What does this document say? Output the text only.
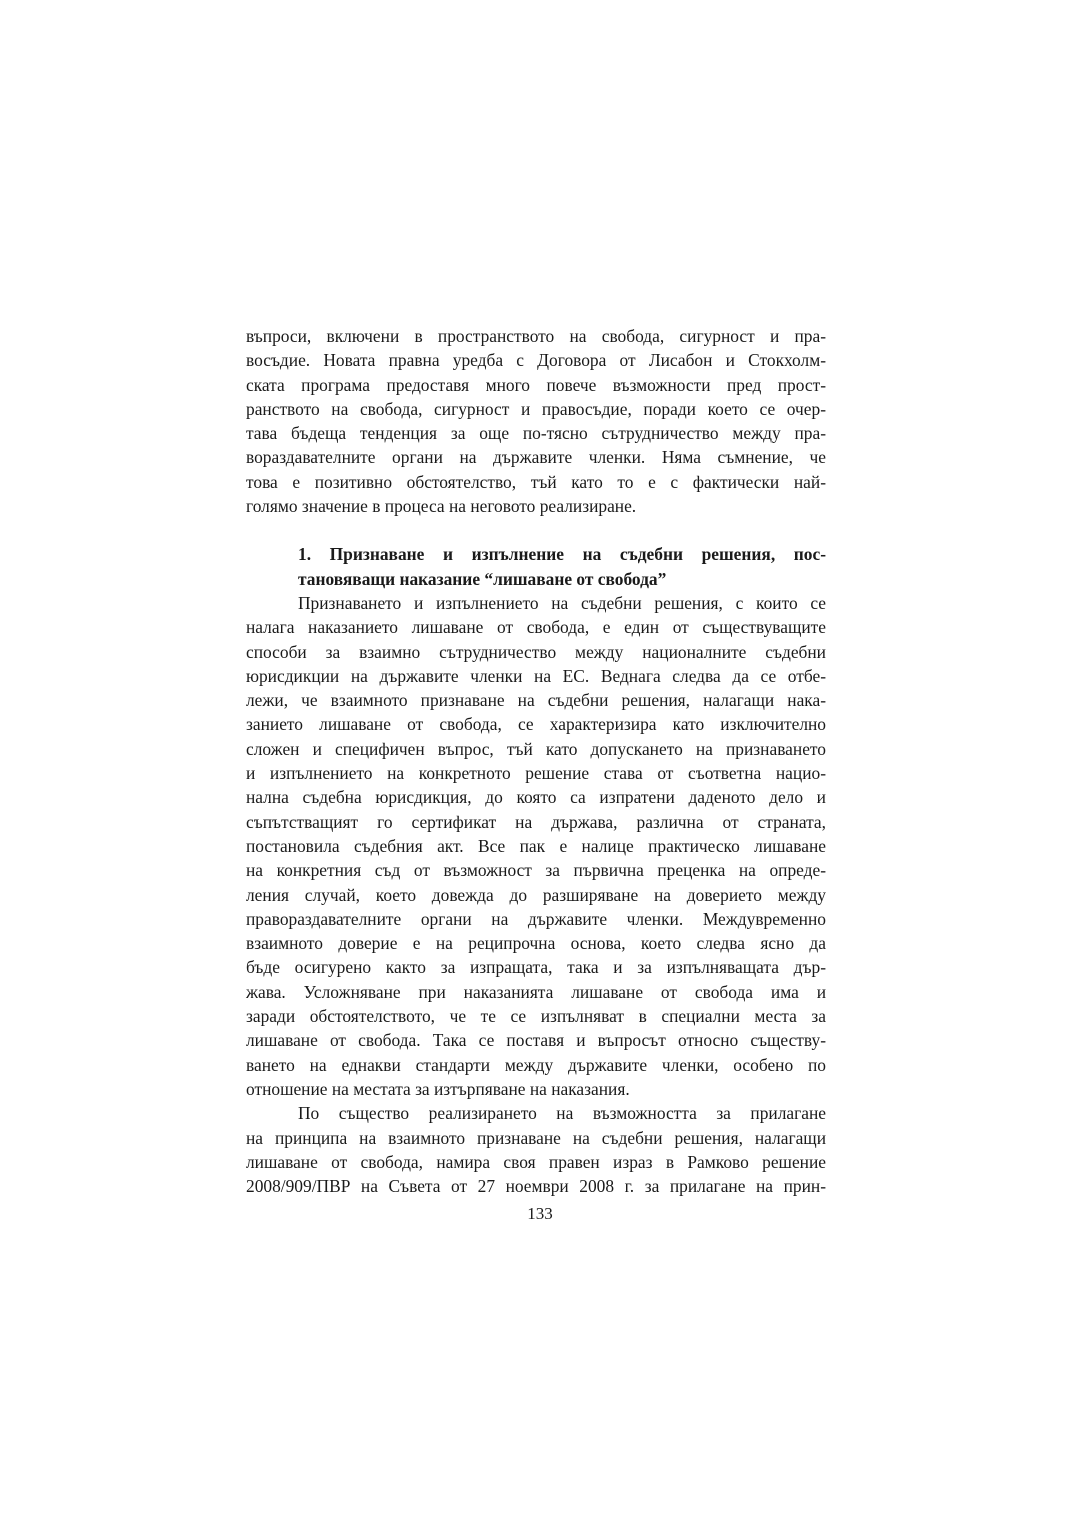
въпроси, включени в пространството на свобода, сигурност и пра-
восъдие. Новата правна уредба с Договора от Лисабон и Стокхолм-
ската програма предоставя много повече възможности пред прост-
ранството на свобода, сигурност и правосъдие, поради което се очер-
тава бъдеща тенденция за още по-тясно сътрудничество между пра-
вораздавателните органи на държавите членки. Няма съмнение, че
това е позитивно обстоятелство, тъй като то е с фактически най-
голямо значение в процеса на неговото реализиране.
1. Признаване и изпълнение на съдебни решения, пос-
тановяващи наказание “лишаване от свобода”
Признаването и изпълнението на съдебни решения, с които се
налага наказанието лишаване от свобода, е един от съществуващите
способи за взаимно сътрудничество между националните съдебни
юрисдикции на държавите членки на ЕС. Веднага следва да се отбе-
лежи, че взаимното признаване на съдебни решения, налагащи нака-
занието лишаване от свобода, се характеризира като изключително
сложен и специфичен въпрос, тъй като допускането на признаването
и изпълнението на конкретното решение става от съответна нацио-
нална съдебна юрисдикция, до която са изпратени даденото дело и
съпътстващият го сертификат на държава, различна от страната,
постановила съдебния акт. Все пак е налице практическо лишаване
на конкретния съд от възможност за първична преценка на опреде-
ления случай, което довежда до разширяване на доверието между
правораздавателните органи на държавите членки. Междувременно
взаимното доверие е на реципрочна основа, което следва ясно да
бъде осигурено както за изпращата, така и за изпълняващата дър-
жава. Усложняване при наказанията лишаване от свобода има и
заради обстоятелството, че те се изпълняват в специални места за
лишаване от свобода. Така се поставя и въпросът относно съществу-
ването на еднакви стандарти между държавите членки, особено по
отношение на местата за изтърпяване на наказания.
По същество реализирането на възможността за прилагане
на принципа на взаимното признаване на съдебни решения, налагащи
лишаване от свобода, намира своя правен израз в Рамково решение
2008/909/ПВР на Съвета от 27 ноември 2008 г. за прилагане на прин-
133
